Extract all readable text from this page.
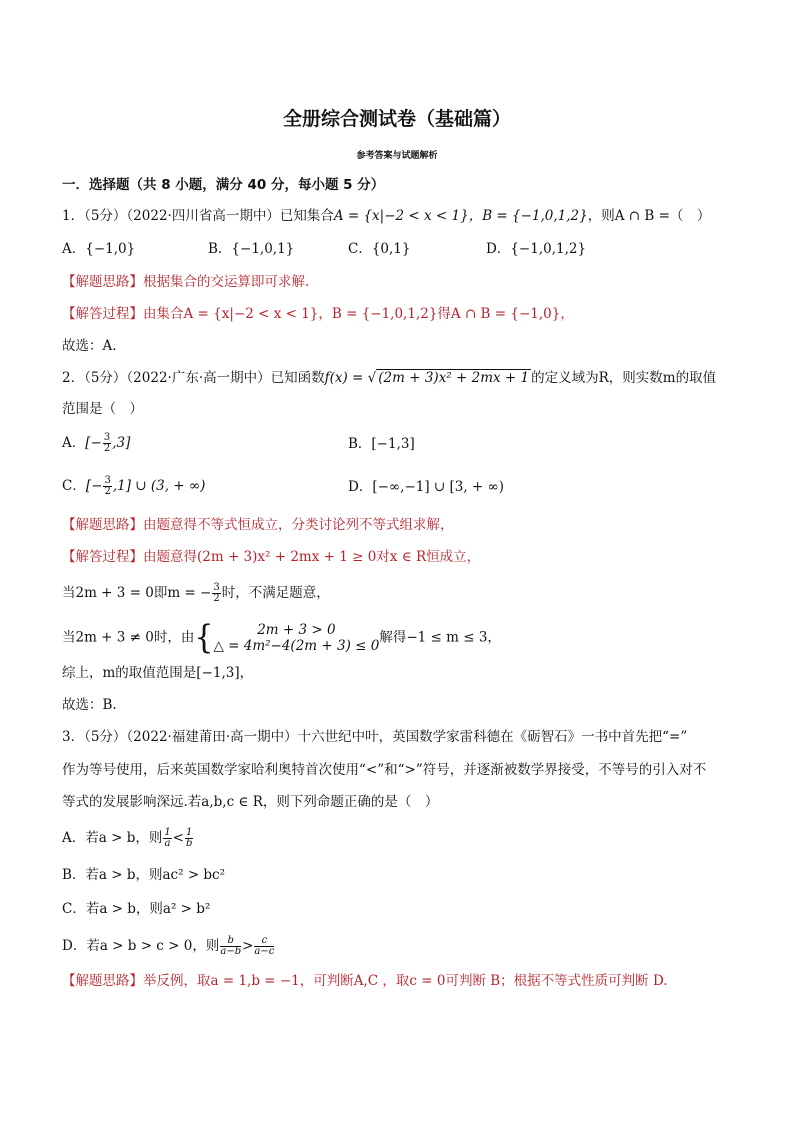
全册综合测试卷（基础篇）
参考答案与试题解析
一．选择题（共 8 小题，满分 40 分，每小题 5 分）
1．（5分）（2022·四川省高一期中）已知集合A = {x|−2 < x < 1}，B = {−1,0,1,2}，则A ∩ B =（　）
A．{−1,0}	B．{−1,0,1}	C．{0,1}	D．{−1,0,1,2}
【解题思路】根据集合的交运算即可求解.
【解答过程】由集合A = {x|−2 < x < 1}，B = {−1,0,1,2}得A ∩ B = {−1,0}，
故选：A.
2．（5分）（2022·广东·高一期中）已知函数f(x) = √ (2m + 3)x² + 2mx + 1 的定义域为R，则实数m的取值
范围是（　）
A．[− $\frac{3}{2} ,3$]	B．[−1,3]
C．[− $\frac{3}{2} ,1$] ∪ (3, + ∞)	D．[−∞,−1] ∪ [3, + ∞)
【解题思路】由题意得不等式恒成立，分类讨论列不等式组求解，
【解答过程】由题意得(2m + 3)x² + 2mx + 1 ≥ 0对x ∈ R恒成立，
当2m + 3 = 0即m = − $\frac{3}{2}$ 时，不满足题意，
当2m + 3 ≠ 0时，由{	2m + 3 > 0
△ = 4m²−4(2m + 3) ≤ 0
解得−1 ≤ m ≤ 3，
综上，m的取值范围是[−1,3]，
故选：B.
3．（5分）（2022·福建莆田·高一期中）十六世纪中叶，英国数学家雷科德在《砺智石》一书中首先把“=”
作为等号使用，后来英国数学家哈利奥特首次使用“<”和“>”符号，并逐渐被数学界接受，不等号的引入对不
等式的发展影响深远.若a,b,c ∈ R，则下列命题正确的是（　）
A．若a > b，则 $\frac{1}{a} < \frac{1}{b}$
B．若a > b，则ac² > bc²
C．若a > b，则a² > b²
D．若a > b > c > 0，则 $\frac{b}{a-b} > \frac{c}{a-c}$
【解题思路】举反例，取a = 1,b = −1，可判断A,C ，取c = 0可判断 B；根据不等式性质可判断 D.
